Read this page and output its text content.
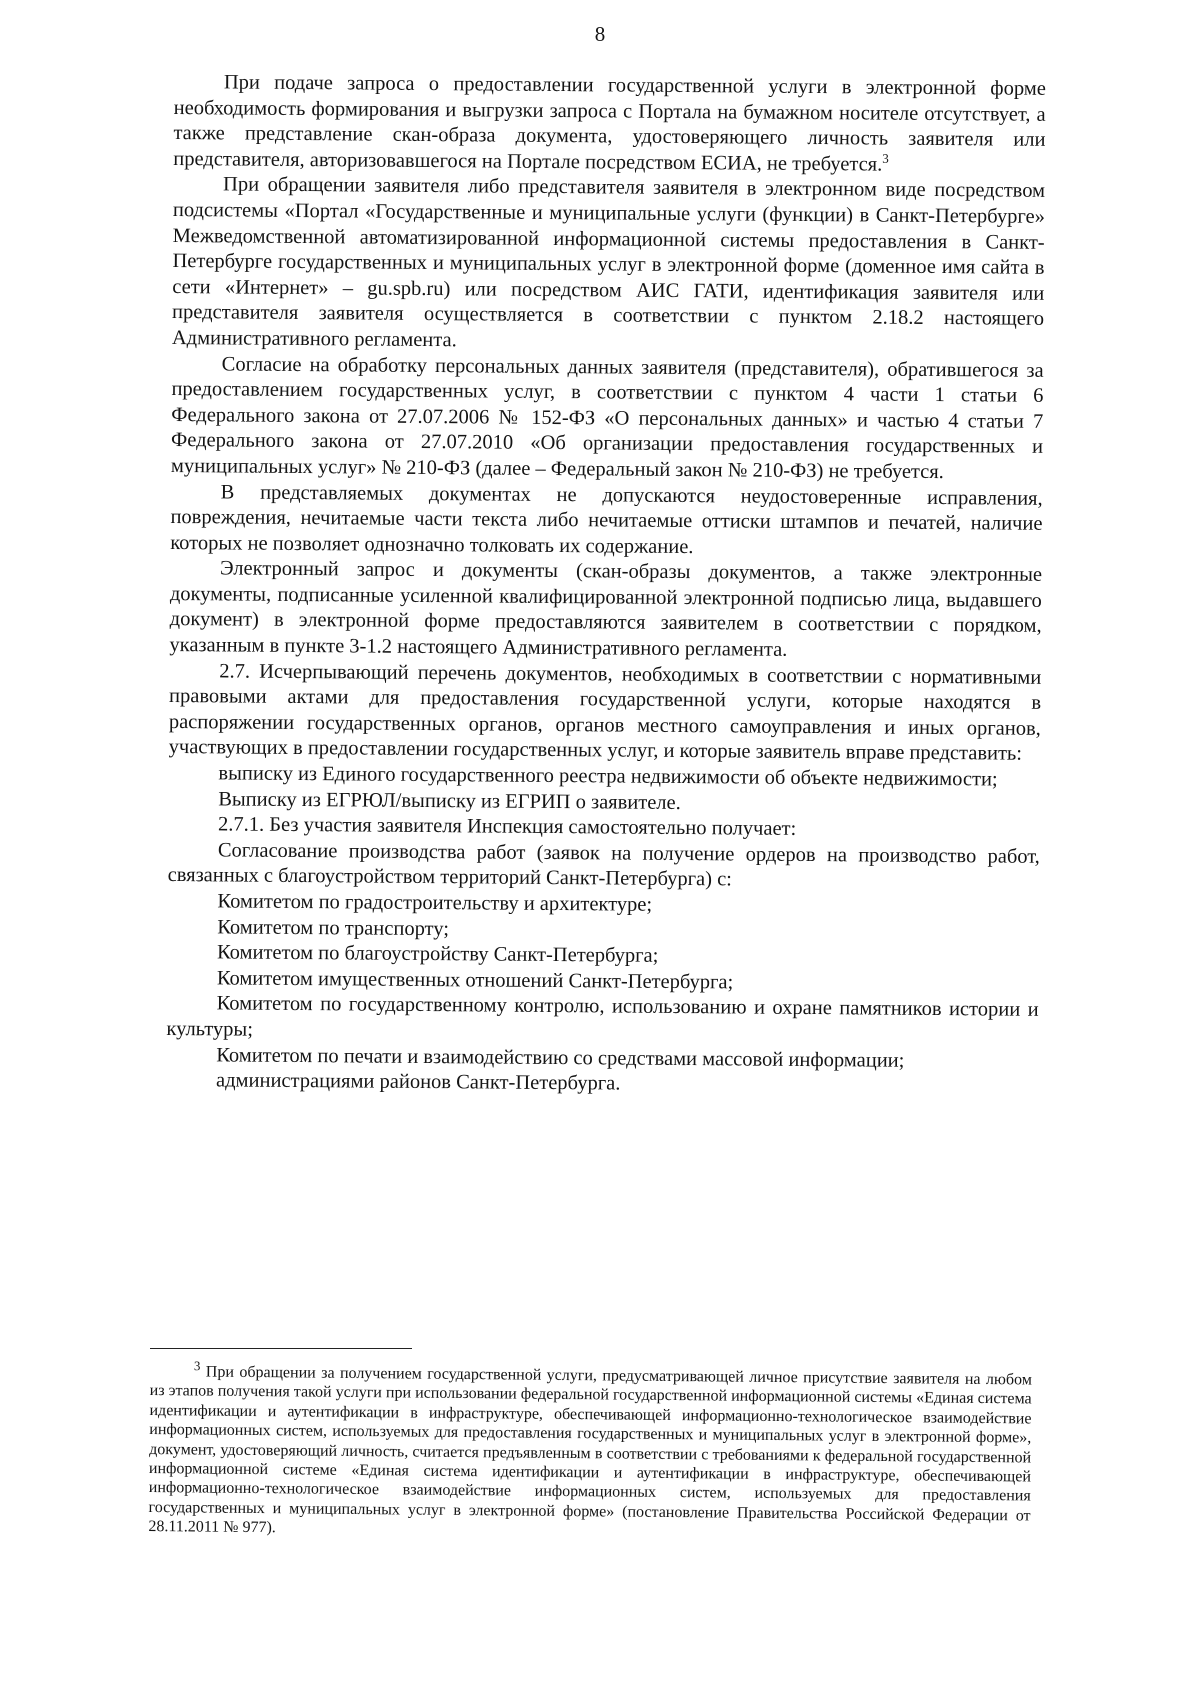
8

При подаче запроса о предоставлении государственной услуги в электронной форме необходимость формирования и выгрузки запроса с Портала на бумажном носителе отсутствует, а также представление скан-образа документа, удостоверяющего личность заявителя или представителя, авторизовавшегося на Портале посредством ЕСИА, не требуется.$^3$

При обращении заявителя либо представителя заявителя в электронном виде посредством подсистемы «Портал «Государственные и муниципальные услуги (функции) в Санкт-Петербурге» Межведомственной автоматизированной информационной системы предоставления в Санкт-Петербурге государственных и муниципальных услуг в электронной форме (доменное имя сайта в сети «Интернет» – gu.spb.ru) или посредством АИС ГАТИ, идентификация заявителя или представителя заявителя осуществляется в соответствии с пунктом 2.18.2 настоящего Административного регламента.

Согласие на обработку персональных данных заявителя (представителя), обратившегося за предоставлением государственных услуг, в соответствии с пунктом 4 части 1 статьи 6 Федерального закона от 27.07.2006 № 152-ФЗ «О персональных данных» и частью 4 статьи 7 Федерального закона от 27.07.2010 «Об организации предоставления государственных и муниципальных услуг» № 210-ФЗ (далее – Федеральный закон № 210-ФЗ) не требуется.

В представляемых документах не допускаются неудостоверенные исправления, повреждения, нечитаемые части текста либо нечитаемые оттиски штампов и печатей, наличие которых не позволяет однозначно толковать их содержание.

Электронный запрос и документы (скан-образы документов, а также электронные документы, подписанные усиленной квалифицированной электронной подписью лица, выдавшего документ) в электронной форме предоставляются заявителем в соответствии с порядком, указанным в пункте 3-1.2 настоящего Административного регламента.

2.7. Исчерпывающий перечень документов, необходимых в соответствии с нормативными правовыми актами для предоставления государственной услуги, которые находятся в распоряжении государственных органов, органов местного самоуправления и иных органов, участвующих в предоставлении государственных услуг, и которые заявитель вправе представить:

выписку из Единого государственного реестра недвижимости об объекте недвижимости;

Выписку из ЕГРЮЛ/выписку из ЕГРИП о заявителе.

2.7.1. Без участия заявителя Инспекция самостоятельно получает:

Согласование производства работ (заявок на получение ордеров на производство работ, связанных с благоустройством территорий Санкт-Петербурга) с:

Комитетом по градостроительству и архитектуре;

Комитетом по транспорту;

Комитетом по благоустройству Санкт-Петербурга;

Комитетом имущественных отношений Санкт-Петербурга;

Комитетом по государственному контролю, использованию и охране памятников истории и культуры;

Комитетом по печати и взаимодействию со средствами массовой информации;

администрациями районов Санкт-Петербурга.

$^3$ При обращении за получением государственной услуги, предусматривающей личное присутствие заявителя на любом из этапов получения такой услуги при использовании федеральной государственной информационной системы «Единая система идентификации и аутентификации в инфраструктуре, обеспечивающей информационно-технологическое взаимодействие информационных систем, используемых для предоставления государственных и муниципальных услуг в электронной форме», документ, удостоверяющий личность, считается предъявленным в соответствии с требованиями к федеральной государственной информационной системе «Единая система идентификации и аутентификации в инфраструктуре, обеспечивающей информационно-технологическое взаимодействие информационных систем, используемых для предоставления государственных и муниципальных услуг в электронной форме» (постановление Правительства Российской Федерации от 28.11.2011 № 977).
